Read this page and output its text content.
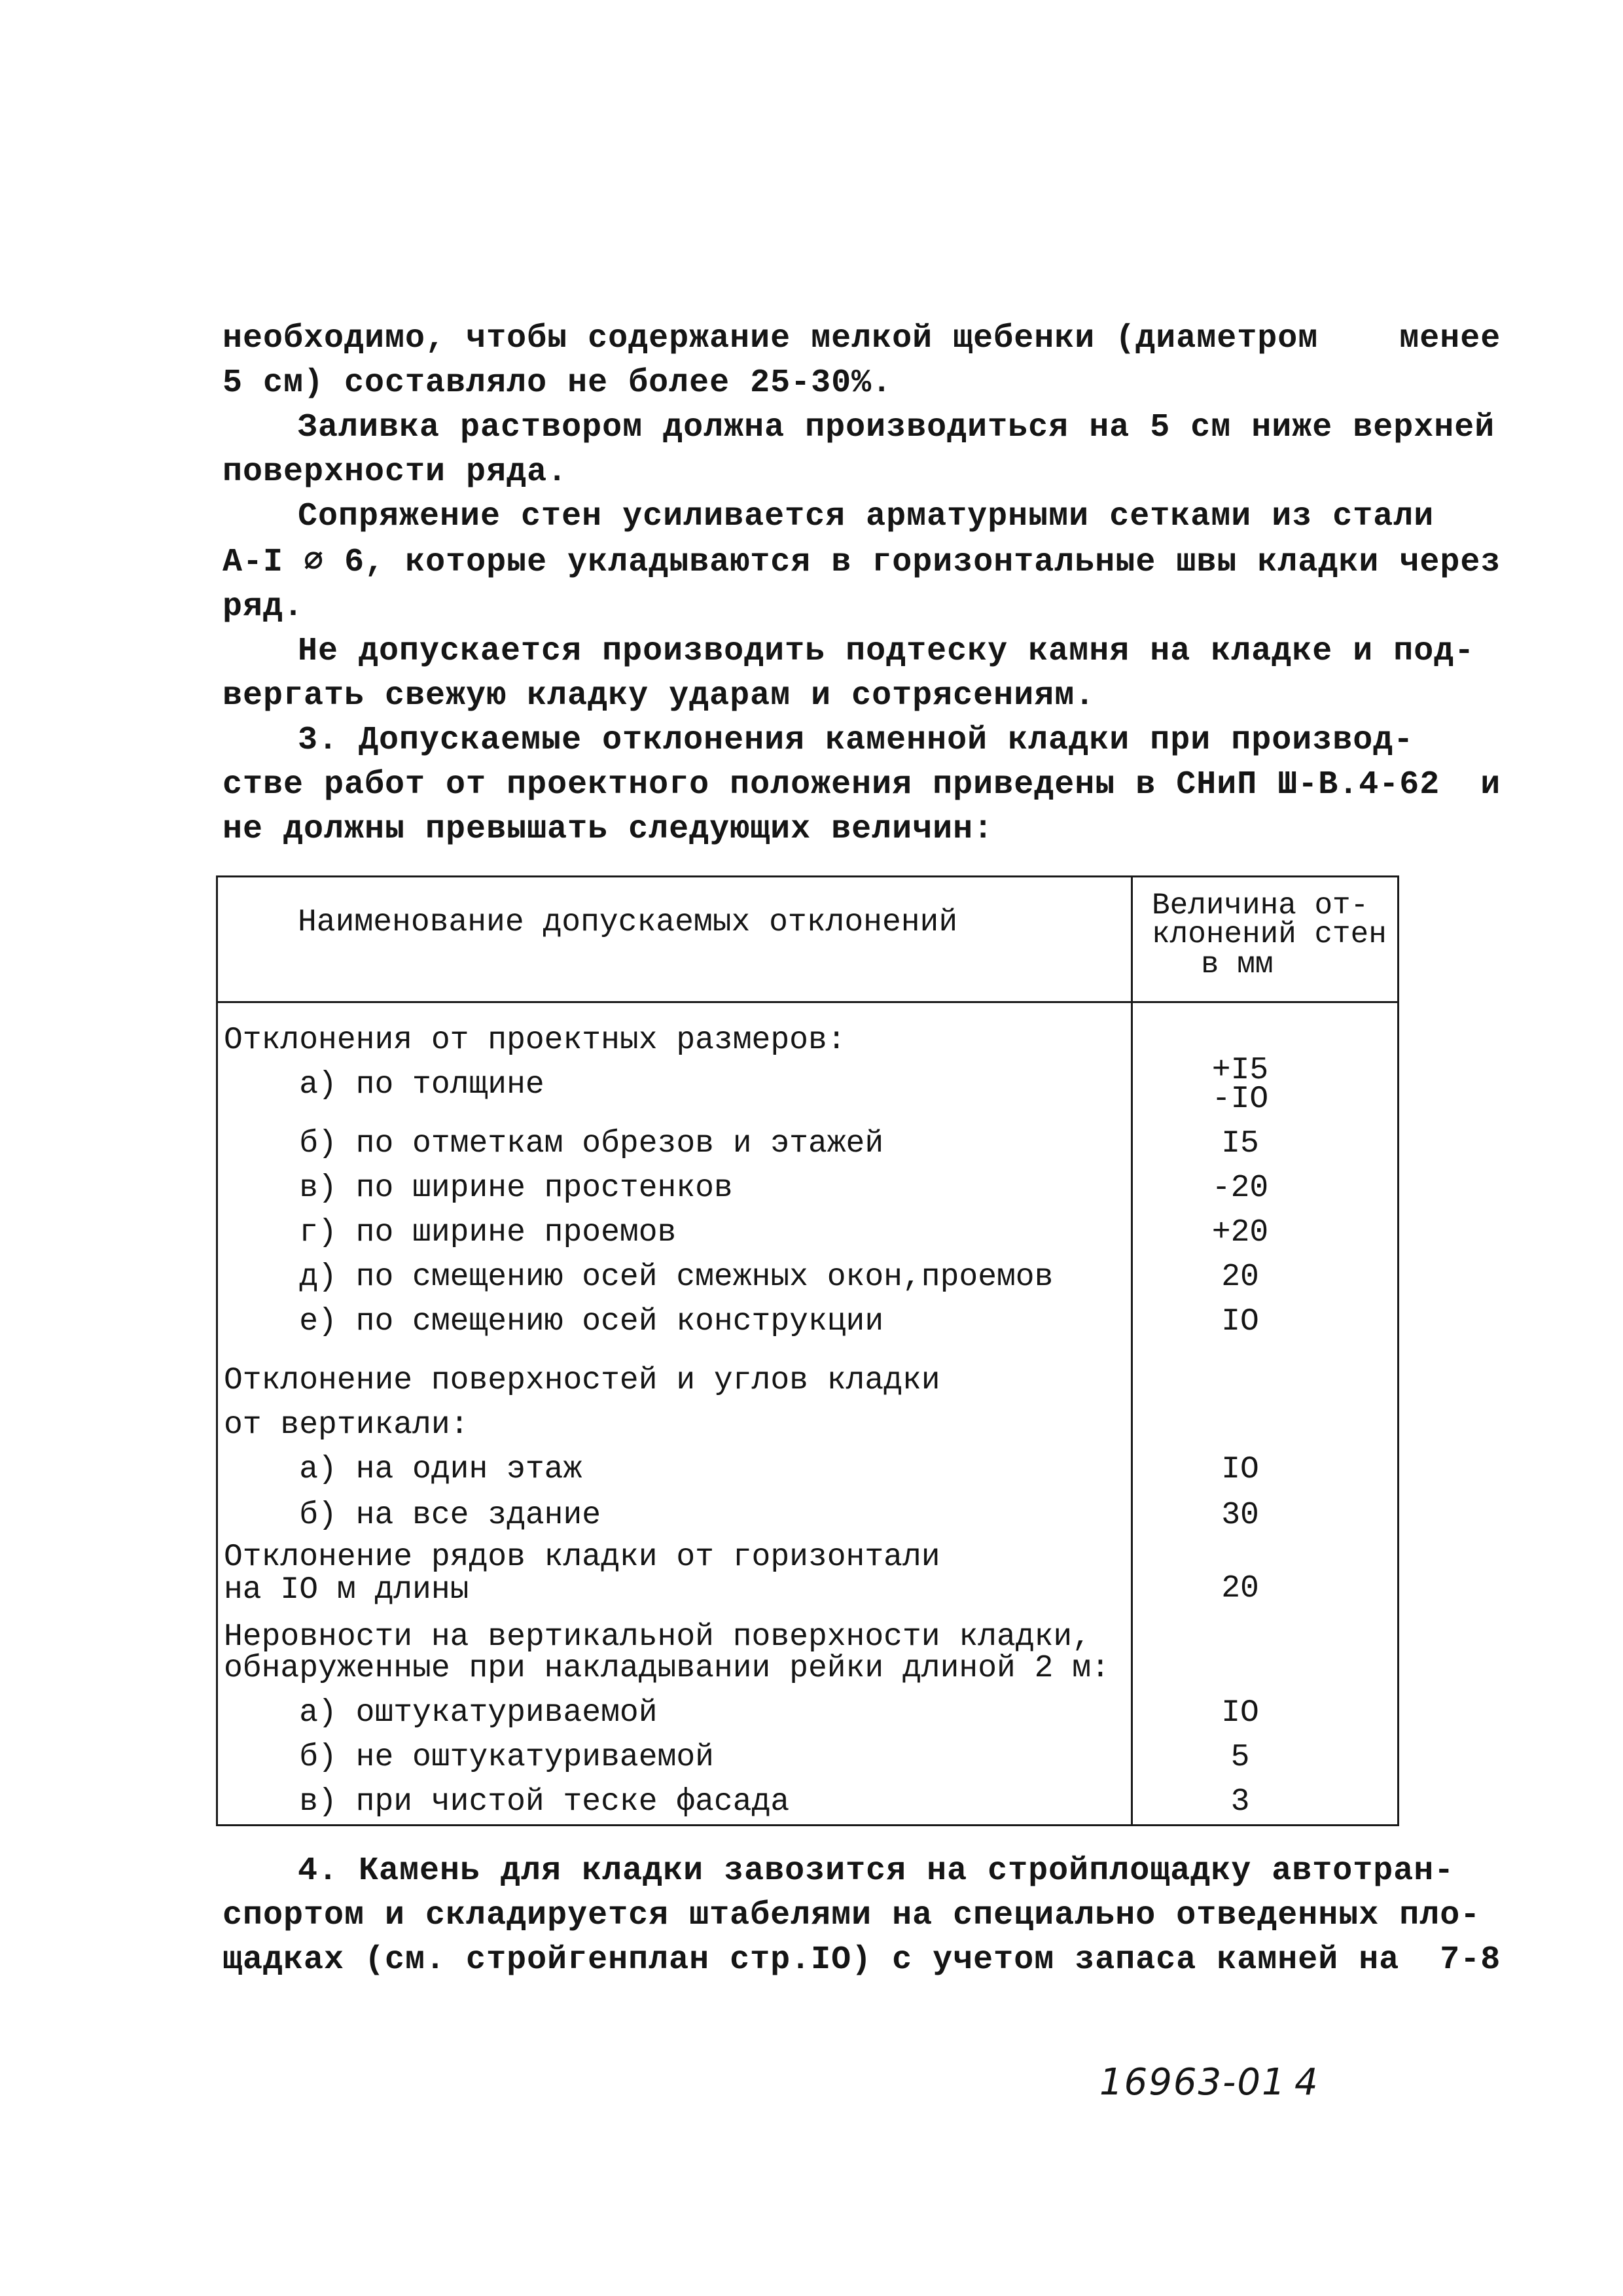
необходимо, чтобы содержание мелкой щебенки (диаметром    менее
5 см) составляло не более 25-30%.
Заливка раствором должна производиться на 5 см ниже верхней
поверхности ряда.
Сопряжение стен усиливается арматурными сетками из стали
А-I ∅ 6, которые укладываются в горизонтальные швы кладки через
ряд.
Не допускается производить подтеску камня на кладке и под-
вергать свежую кладку ударам и сотрясениям.
3. Допускаемые отклонения каменной кладки при производ-
стве работ от проектного положения приведены в СНиП Ш-В.4-62  и
не должны превышать следующих величин:
Наименование допускаемых отклонений	Величина от-
клонений стен
в мм
Отклонения от проектных размеров:
а) по толщине	+I5
-IO
б) по отметкам обрезов и этажей	I5
в) по ширине простенков	-20
г) по ширине проемов	+20
д) по смещению осей смежных окон,проемов	20
е) по смещению осей конструкции	IO
Отклонение поверхностей и углов кладки
от вертикали:
а) на один этаж	IO
б) на все здание	30
Отклонение рядов кладки от горизонтали
на IO м длины	20
Неровности на вертикальной поверхности кладки,
обнаруженные при накладывании рейки длиной 2 м:
а) оштукатуриваемой	IO
б) не оштукатуриваемой	5
в) при чистой теске фасада	3
4. Камень для кладки завозится на стройплощадку автотран-
спортом и складируется штабелями на специально отведенных пло-
щадках (см. стройгенплан стр.IO) с учетом запаса камней на  7-8
16963-01 4
